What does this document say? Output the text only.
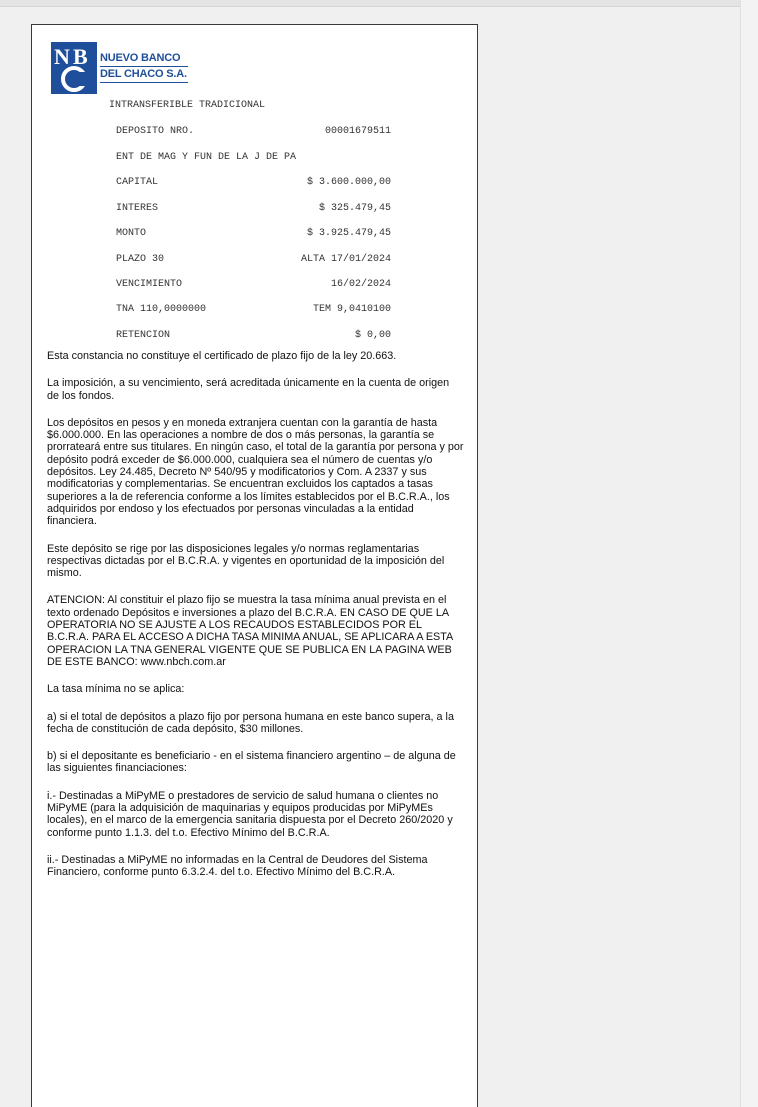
N B NUEVO BANCO
DEL CHACO S.A.
INTRANSFERIBLE TRADICIONAL
DEPOSITO NRO.	00001679511
ENT DE MAG Y FUN DE LA J DE PA
CAPITAL	$ 3.600.000,00
INTERES	$ 325.479,45
MONTO	$ 3.925.479,45
PLAZO 30	ALTA 17/01/2024
VENCIMIENTO	16/02/2024
TNA 110,0000000	TEM 9,0410100
RETENCION	$ 0,00

Esta constancia no constituye el certificado de plazo fijo de la ley 20.663.

La imposición, a su vencimiento, será acreditada únicamente en la cuenta de origen
de los fondos.

Los depósitos en pesos y en moneda extranjera cuentan con la garantía de hasta $6.000.000. En las operaciones a nombre de dos o más personas, la garantía se prorrateará entre sus titulares. En ningún caso, el total de la garantía por persona y por depósito podrá exceder de $6.000.000, cualquiera sea el número de cuentas y/o depósitos. Ley 24.485, Decreto Nº 540/95 y modificatorios y Com. A 2337 y sus modificatorias y complementarias. Se encuentran excluidos los captados a tasas superiores a la de referencia conforme a los límites establecidos por el B.C.R.A., los adquiridos por endoso y los efectuados por personas vinculadas a la entidad financiera.

Este depósito se rige por las disposiciones legales y/o normas reglamentarias respectivas dictadas por el B.C.R.A. y vigentes en oportunidad de la imposición del mismo.

ATENCION: Al constituir el plazo fijo se muestra la tasa mínima anual prevista en el texto ordenado Depósitos e inversiones a plazo del B.C.R.A. EN CASO DE QUE LA OPERATORIA NO SE AJUSTE A LOS RECAUDOS ESTABLECIDOS POR EL B.C.R.A. PARA EL ACCESO A DICHA TASA MINIMA ANUAL, SE APLICARA A ESTA OPERACION LA TNA GENERAL VIGENTE QUE SE PUBLICA EN LA PAGINA WEB DE ESTE BANCO: www.nbch.com.ar

La tasa mínima no se aplica:

a) si el total de depósitos a plazo fijo por persona humana en este banco supera, a la fecha de constitución de cada depósito, $30 millones.

b) si el depositante es beneficiario - en el sistema financiero argentino – de alguna de las siguientes financiaciones:

i.- Destinadas a MiPyME o prestadores de servicio de salud humana o clientes no MiPyME (para la adquisición de maquinarias y equipos producidas por MiPyMEs locales), en el marco de la emergencia sanitaria dispuesta por el Decreto 260/2020 y conforme punto 1.1.3. del t.o. Efectivo Mínimo del B.C.R.A.

ii.- Destinadas a MiPyME no informadas en la Central de Deudores del Sistema Financiero, conforme punto 6.3.2.4. del t.o. Efectivo Mínimo del B.C.R.A.
